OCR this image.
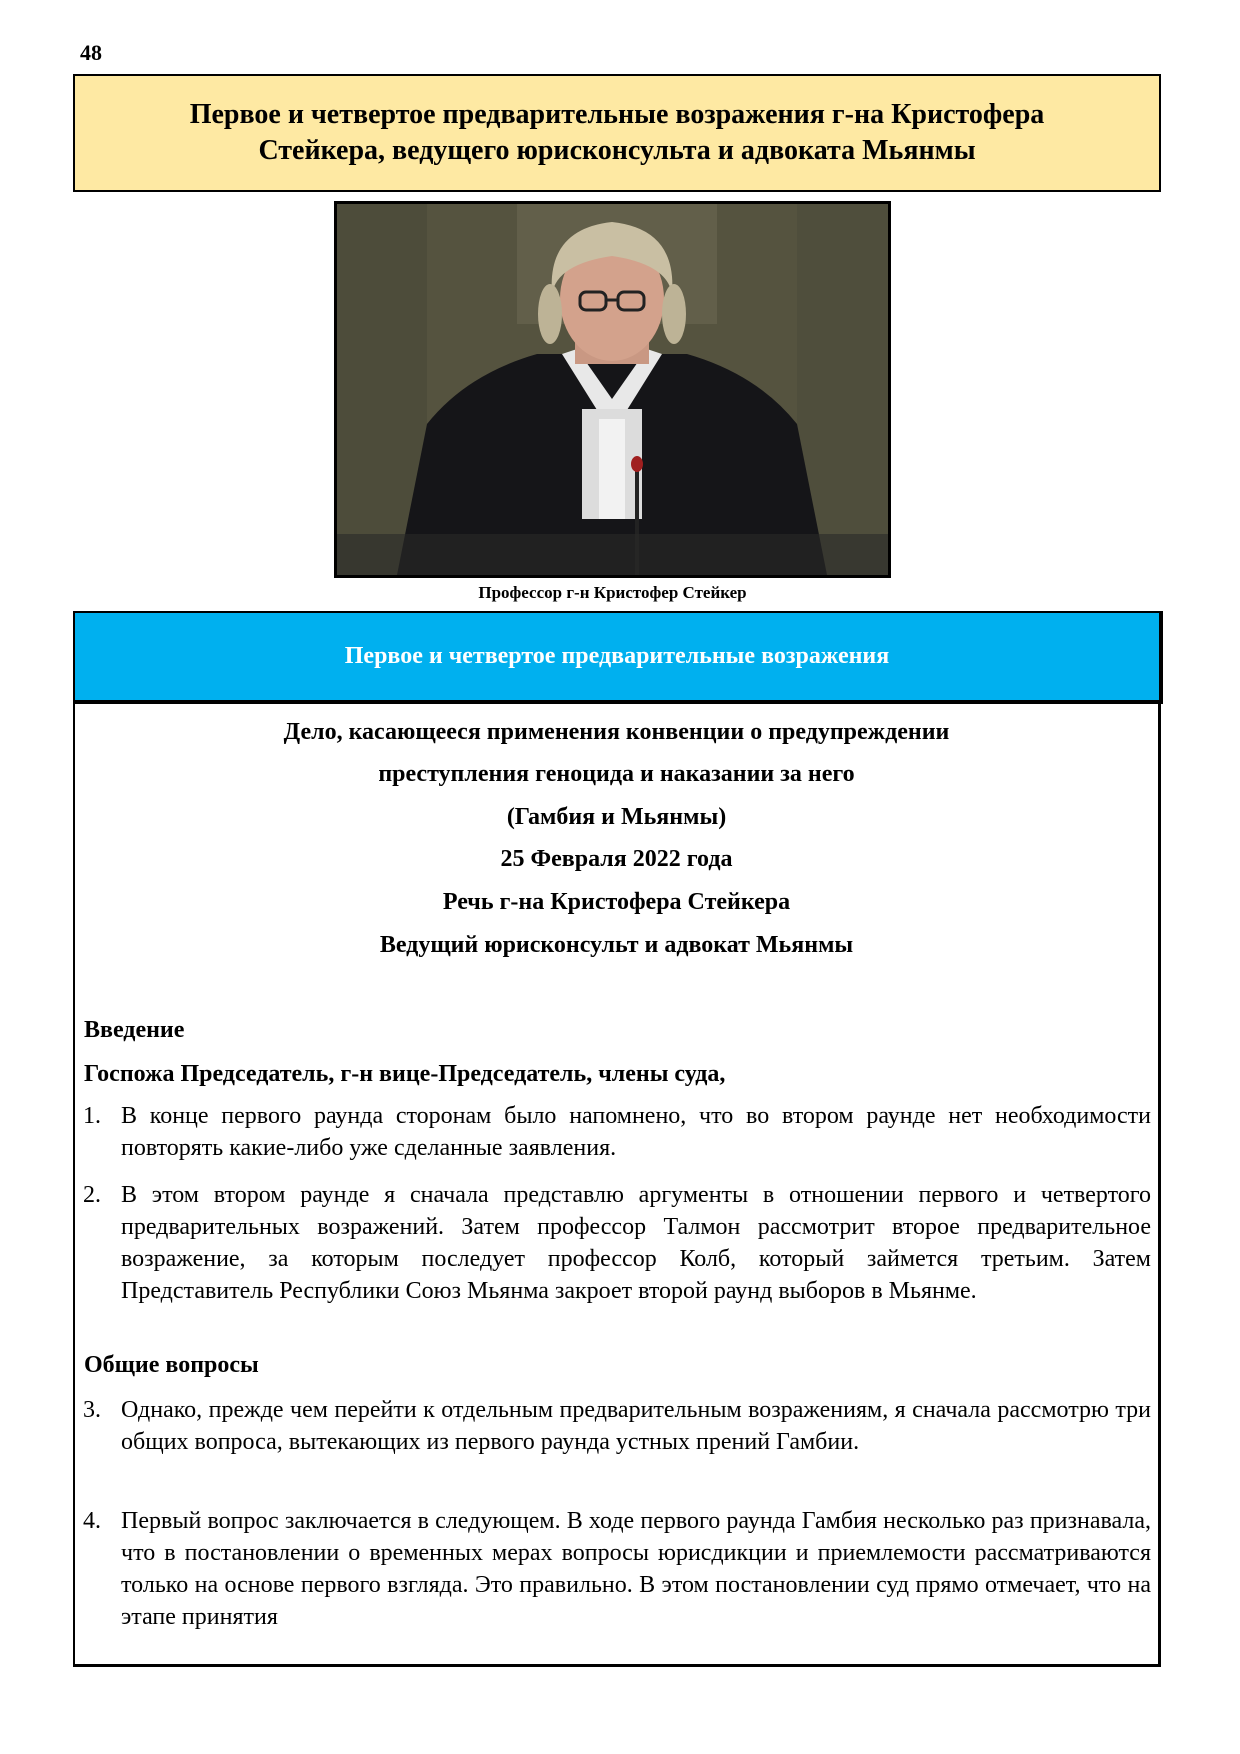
48
Первое и четвертое предварительные возражения г-на Кристофера
Стейкера, ведущего юрисконсульта и адвоката Мьянмы
Профессор г-н Кристофер Стейкер
Первое и четвертое предварительные возражения
Дело, касающееся применения конвенции о предупреждении
преступления геноцида и наказании за него
(Гамбия и Мьянмы)
25 Февраля 2022 года
Речь г-на Кристофера Стейкера
Ведущий юрисконсульт и адвокат Мьянмы
Введение
Госпожа Председатель, г-н вице-Председатель, члены суда,
1. В конце первого раунда сторонам было напомнено, что во втором раунде нет необходимости повторять какие-либо уже сделанные заявления.
2. В этом втором раунде я сначала представлю аргументы в отношении первого и четвертого предварительных возражений. Затем профессор Талмон рассмотрит второе предварительное возражение, за которым последует профессор Колб, который займется третьим. Затем Представитель Республики Союз Мьянма закроет второй раунд выборов в Мьянме.
Общие вопросы
3. Однако, прежде чем перейти к отдельным предварительным возражениям, я сначала рассмотрю три общих вопроса, вытекающих из первого раунда устных прений Гамбии.
4. Первый вопрос заключается в следующем. В ходе первого раунда Гамбия несколько раз признавала, что в постановлении о временных мерах вопросы юрисдикции и приемлемости рассматриваются только на основе первого взгляда. Это правильно. В этом постановлении суд прямо отмечает, что на этапе принятия
